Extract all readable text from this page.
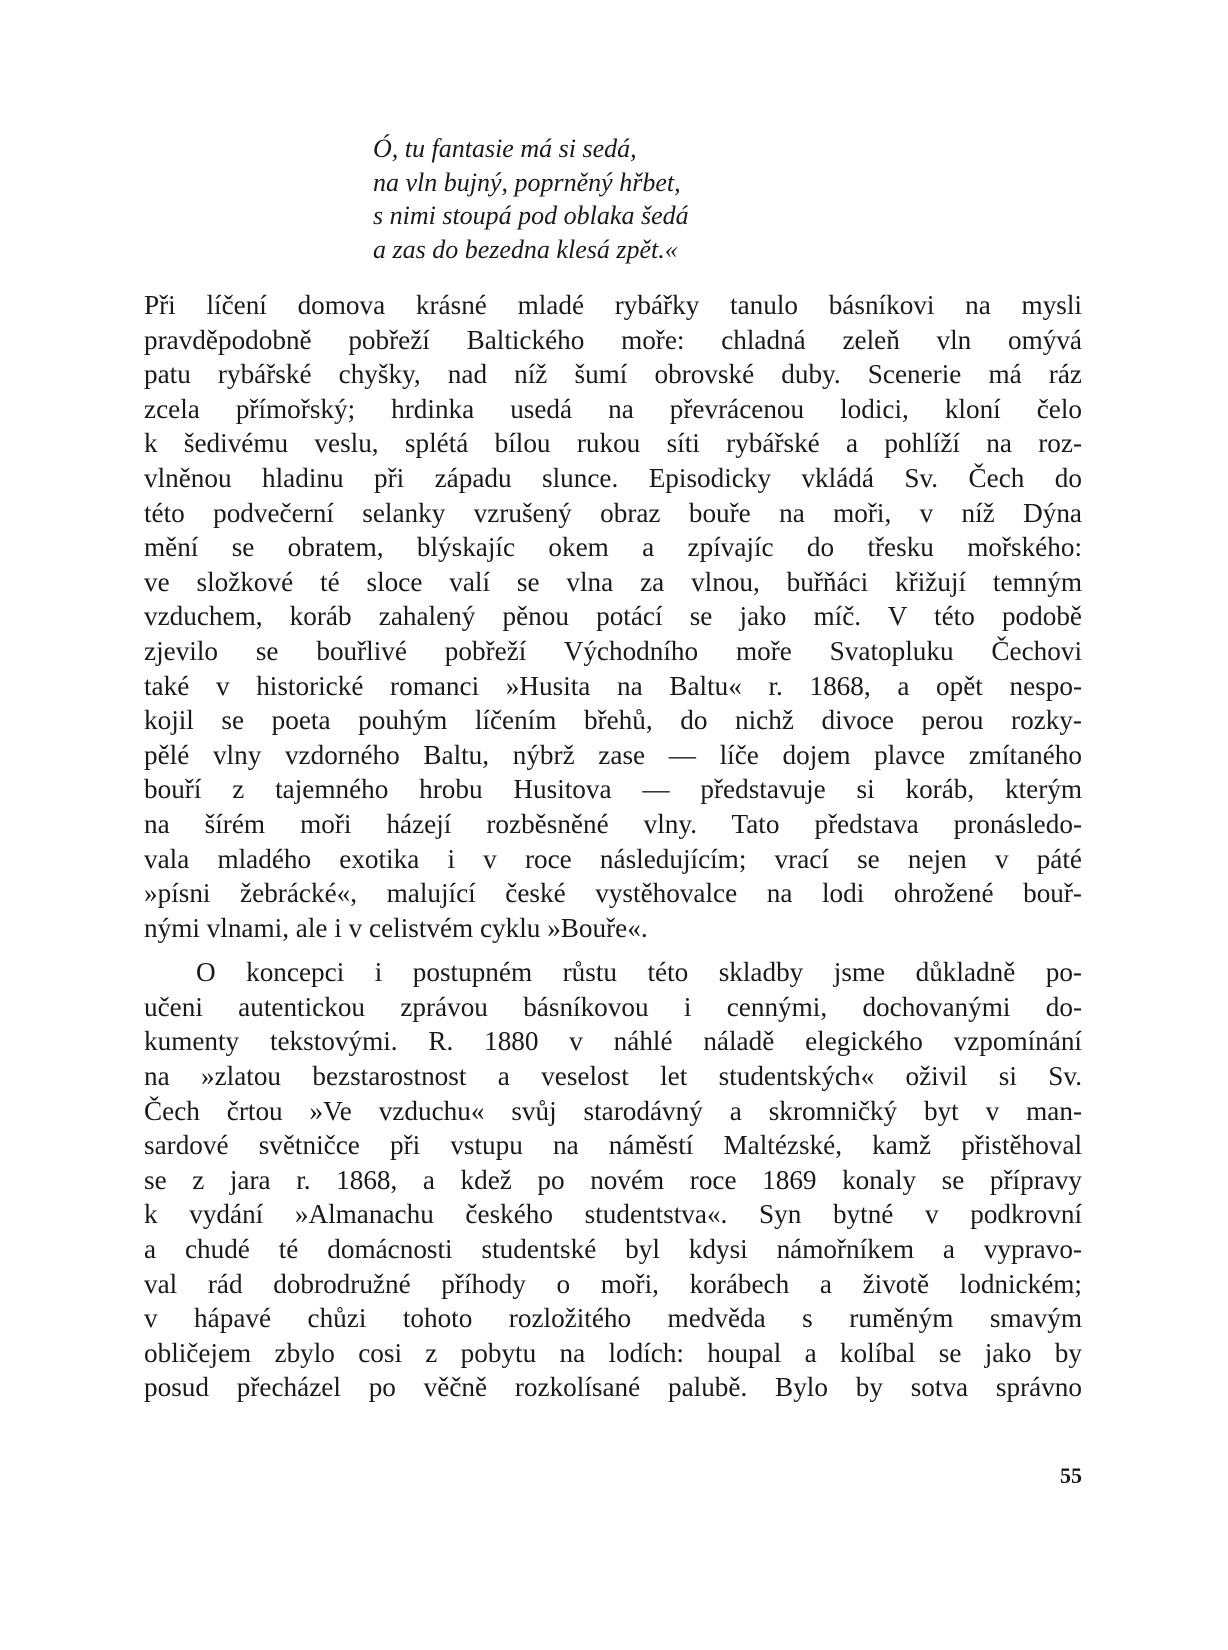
Ó, tu fantasie má si sedá,
na vln bujný, poprněný hřbet,
s nimi stoupá pod oblaka šedá
a zas do bezedna klesá zpět.«
Při líčení domova krásné mladé rybářky tanulo básníkovi na mysli
pravděpodobně pobřeží Baltického moře: chladná zeleň vln omývá
patu rybářské chyšky, nad níž šumí obrovské duby. Scenerie má ráz
zcela přímořský; hrdinka usedá na převrácenou lodici, kloní čelo
k šedivému veslu, splétá bílou rukou síti rybářské a pohlíží na roz-
vlněnou hladinu při západu slunce. Episodicky vkládá Sv. Čech do
této podvečerní selanky vzrušený obraz bouře na moři, v níž Dýna
mění se obratem, blýskajíc okem a zpívajíc do třesku mořského:
ve složkové té sloce valí se vlna za vlnou, buřňáci křižují temným
vzduchem, koráb zahalený pěnou potácí se jako míč. V této podobě
zjevilo se bouřlivé pobřeží Východního moře Svatopluku Čechovi
také v historické romanci »Husita na Baltu« r. 1868, a opět nespo-
kojil se poeta pouhým líčením břehů, do nichž divoce perou rozky-
pělé vlny vzdorného Baltu, nýbrž zase — líče dojem plavce zmítaného
bouří z tajemného hrobu Husitova — představuje si koráb, kterým
na šírém moři házejí rozběsněné vlny. Tato představa pronásledo-
vala mladého exotika i v roce následujícím; vrací se nejen v páté
»písni žebrácké«, malující české vystěhovalce na lodi ohrožené bouř-
nými vlnami, ale i v celistvém cyklu »Bouře«.
O koncepci i postupném růstu této skladby jsme důkladně po-
učeni autentickou zprávou básníkovou i cennými, dochovanými do-
kumenty tekstovými. R. 1880 v náhlé náladě elegického vzpomínání
na »zlatou bezstarostnost a veselost let studentských« oživil si Sv.
Čech črtou »Ve vzduchu« svůj starodávný a skromničký byt v man-
sardové světničce při vstupu na náměstí Maltézské, kamž přistěhoval
se z jara r. 1868, a kdež po novém roce 1869 konaly se přípravy
k vydání »Almanachu českého studentstva«. Syn bytné v podkrovní
a chudé té domácnosti studentské byl kdysi námořníkem a vypravo-
val rád dobrodružné příhody o moři, korábech a životě lodnickém;
v hápavé chůzi tohoto rozložitého medvěda s ruměným smavým
obličejem zbylo cosi z pobytu na lodích: houpal a kolíbal se jako by
posud přecházel po věčně rozkolísané palubě. Bylo by sotva správno
55
